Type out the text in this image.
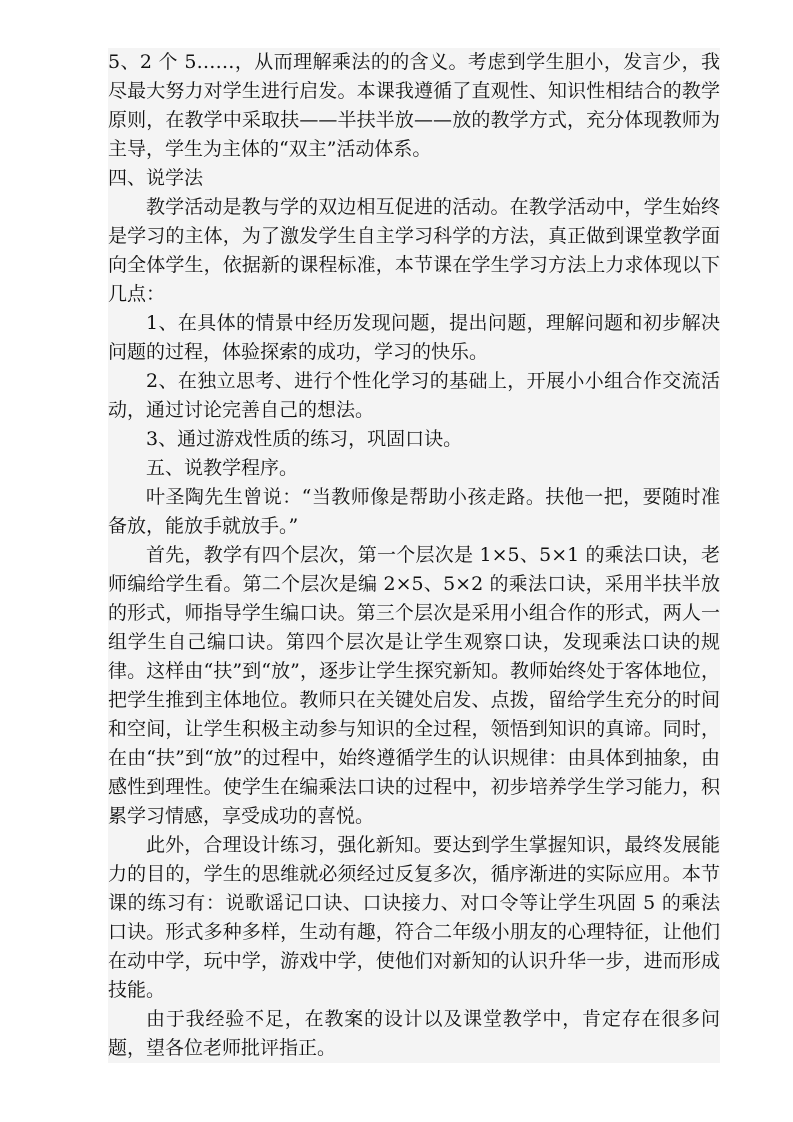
5、2 个 5……，从而理解乘法的的含义。考虑到学生胆小，发言少，我尽最大努力对学生进行启发。本课我遵循了直观性、知识性相结合的教学原则，在教学中采取扶——半扶半放——放的教学方式，充分体现教师为主导，学生为主体的“双主”活动体系。

四、说学法

教学活动是教与学的双边相互促进的活动。在教学活动中，学生始终是学习的主体，为了激发学生自主学习科学的方法，真正做到课堂教学面向全体学生，依据新的课程标准，本节课在学生学习方法上力求体现以下几点：

1、在具体的情景中经历发现问题，提出问题，理解问题和初步解决问题的过程，体验探索的成功，学习的快乐。

2、在独立思考、进行个性化学习的基础上，开展小小组合作交流活动，通过讨论完善自己的想法。

3、通过游戏性质的练习，巩固口诀。

五、说教学程序。

叶圣陶先生曾说：“当教师像是帮助小孩走路。扶他一把，要随时准备放，能放手就放手。”

首先，教学有四个层次，第一个层次是 1×5、5×1 的乘法口诀，老师编给学生看。第二个层次是编 2×5、5×2 的乘法口诀，采用半扶半放的形式，师指导学生编口诀。第三个层次是采用小组合作的形式，两人一组学生自己编口诀。第四个层次是让学生观察口诀，发现乘法口诀的规律。这样由“扶”到“放”，逐步让学生探究新知。教师始终处于客体地位，把学生推到主体地位。教师只在关键处启发、点拨，留给学生充分的时间和空间，让学生积极主动参与知识的全过程，领悟到知识的真谛。同时，在由“扶”到“放”的过程中，始终遵循学生的认识规律：由具体到抽象，由感性到理性。使学生在编乘法口诀的过程中，初步培养学生学习能力，积累学习情感，享受成功的喜悦。

此外，合理设计练习，强化新知。要达到学生掌握知识，最终发展能力的目的，学生的思维就必须经过反复多次，循序渐进的实际应用。本节课的练习有：说歌谣记口诀、口诀接力、对口令等让学生巩固 5 的乘法口诀。形式多种多样，生动有趣，符合二年级小朋友的心理特征，让他们在动中学，玩中学，游戏中学，使他们对新知的认识升华一步，进而形成技能。

由于我经验不足，在教案的设计以及课堂教学中，肯定存在很多问题，望各位老师批评指正。
